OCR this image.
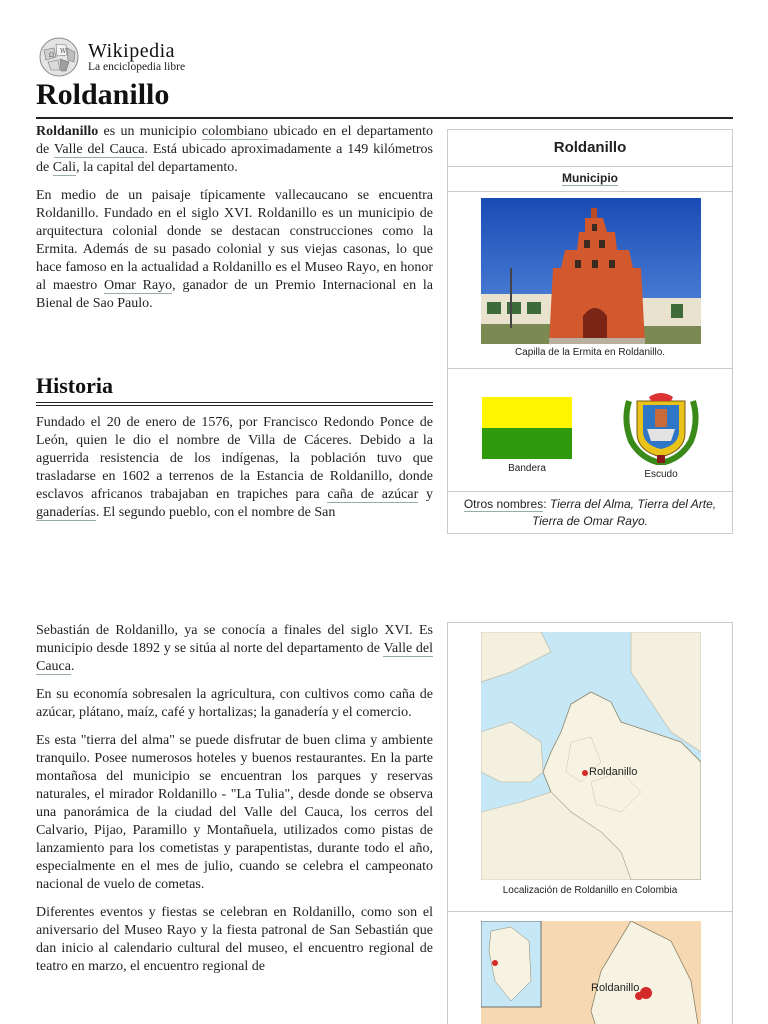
Ω
W Wikipedia
La enciclopedia libre
Roldanillo

Roldanillo es un municipio colombiano ubicado en el departamento de Valle del Cauca. Está ubicado aproximadamente a 149 kilómetros de Cali, la capital del departamento.

En medio de un paisaje típicamente vallecaucano se encuentra Roldanillo. Fundado en el siglo XVI. Roldanillo es un municipio de arquitectura colonial donde se destacan construcciones como la Ermita. Además de su pasado colonial y sus viejas casonas, lo que hace famoso en la actualidad a Roldanillo es el Museo Rayo, en honor al maestro Omar Rayo, ganador de un Premio Internacional en la Bienal de Sao Paulo.

Historia

Fundado el 20 de enero de 1576, por Francisco Redondo Ponce de León, quien le dio el nombre de Villa de Cáceres. Debido a la aguerrida resistencia de los indígenas, la población tuvo que trasladarse en 1602 a terrenos de la Estancia de Roldanillo, donde esclavos africanos trabajaban en trapiches para caña de azúcar y ganaderías. El segundo pueblo, con el nombre de San

Roldanillo
Municipio
Capilla de la Ermita en Roldanillo.
Bandera
Escudo
Otros nombres: Tierra del Alma, Tierra del Arte, Tierra de Omar Rayo.

Sebastián de Roldanillo, ya se conocía a finales del siglo XVI. Es municipio desde 1892 y se sitúa al norte del departamento de Valle del Cauca.

En su economía sobresalen la agricultura, con cultivos como caña de azúcar, plátano, maíz, café y hortalizas; la ganadería y el comercio.

Es esta "tierra del alma" se puede disfrutar de buen clima y ambiente tranquilo. Posee numerosos hoteles y buenos restaurantes. En la parte montañosa del municipio se encuentran los parques y reservas naturales, el mirador Roldanillo - "La Tulia", desde donde se observa una panorámica de la ciudad del Valle del Cauca, los cerros del Calvario, Pijao, Paramillo y Montañuela, utilizados como pistas de lanzamiento para los cometistas y parapentistas, durante todo el año, especialmente en el mes de julio, cuando se celebra el campeonato nacional de vuelo de cometas.

Diferentes eventos y fiestas se celebran en Roldanillo, como son el aniversario del Museo Rayo y la fiesta patronal de San Sebastián que dan inicio al calendario cultural del museo, el encuentro regional de teatro en marzo, el encuentro regional de

Roldanillo
Localización de Roldanillo en Colombia
Roldanillo
